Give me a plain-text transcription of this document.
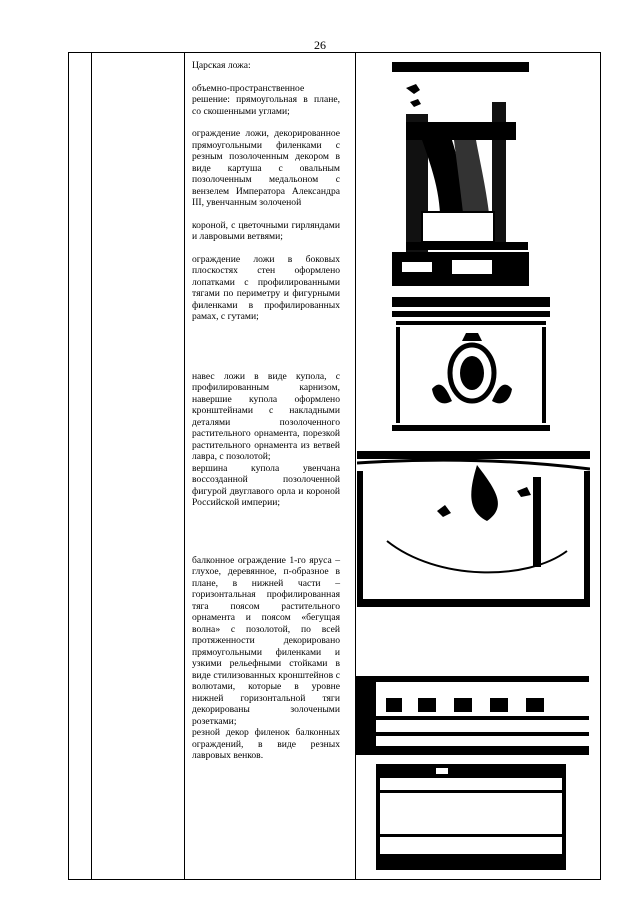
26

Царская ложа:

объемно-пространственное решение: прямоугольная в плане, со скошенными углами;

ограждение ложи, декорированное прямоугольными филенками с резным позолоченным декором в виде картуша с овальным позолоченным медальоном с вензелем Императора Александра III, увенчанным золоченой

короной, с цветочными гирляндами и лавровыми ветвями;

ограждение ложи в боковых плоскостях стен оформлено лопатками с профилированными тягами по периметру и фигурными филенками в профилированных рамах, с гутами;

навес ложи в виде купола, с профилированным карнизом, навершие купола оформлено кронштейнами с накладными деталями позолоченного растительного орнамента, порезкой растительного орнамента из ветвей лавра, с позолотой;

вершина купола увенчана воссозданной позолоченной фигурой двуглавого орла и короной Российской империи;

балконное ограждение 1-го яруса – глухое, деревянное, п-образное в плане, в нижней части – горизонтальная профилированная тяга поясом растительного орнамента и поясом «бегущая волна» с позолотой, по всей протяженности декорировано прямоугольными филенками и узкими рельефными стойками в виде стилизованных кронштейнов с волютами, которые в уровне нижней горизонтальной тяги декорированы золочеными розетками;

резной декор филенок балконных ограждений, в виде резных лавровых венков.
